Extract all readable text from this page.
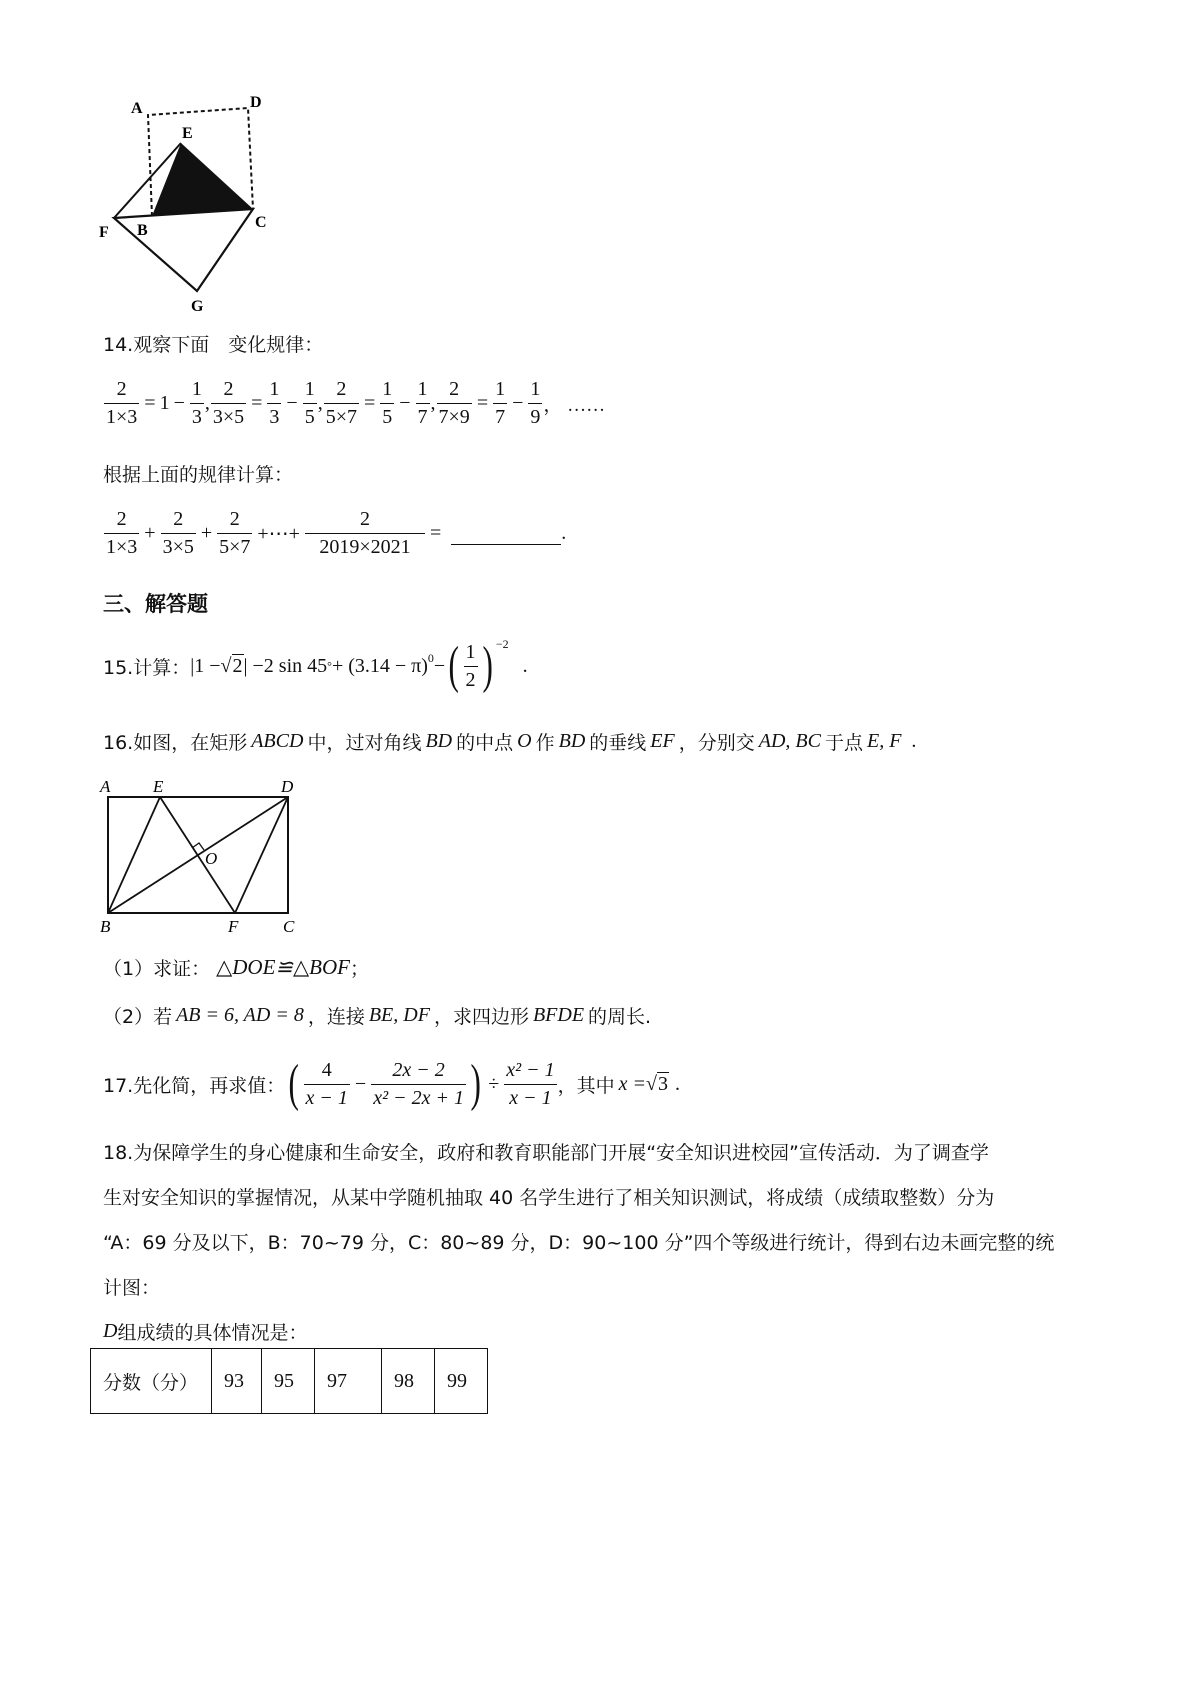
A	D
E
F B	C
G
14.观察下面　变化规律：
$\frac{2}{1\times 3} = 1 - \frac{1}{3}$ , $\frac{2}{3\times 5} = \frac{1}{3} - \frac{1}{5}$ , $\frac{2}{5\times 7} = \frac{1}{5} - \frac{1}{7}$ , $\frac{2}{7\times 9} = \frac{1}{7} - \frac{1}{9}$ ， ……
根据上面的规律计算：
$\frac{2}{1\times 3} + \frac{2}{3\times 5} + \frac{2}{5\times 7}$ +⋯+ $\frac{2}{2019\times 2021}$ =	.
三、解答题
15.计算： |1 − √2 | −2 sin 45 ° + $(3.14 - \pi)^0$ − ( $\frac{1}{2}$ ) $^{-2}$
.
16.如图，在矩形 ABCD 中，过对角线 BD 的中点 O 作 BD 的垂线 EF ，分别交 AD, BC 于点 E, F .
A	E	D
O
B	F	C
（1）求证： △DOE≌△BOF ；
（2）若 AB = 6, AD = 8 ，连接 BE, DF ，求四边形 BFDE 的周长.
17.先化简，再求值： ( $\frac{4}{x - 1} - \frac{2x - 2}{\text{x² − 2x + 1}}$ ) ÷ $\frac{\text{x² − 1}}{x - 1}$ ，其中 x = √3 .
18.为保障学生的身心健康和生命安全，政府和教育职能部门开展“安全知识进校园”宣传活动．为了调查学
生对安全知识的掌握情况，从某中学随机抽取 40 名学生进行了相关知识测试，将成绩（成绩取整数）分为
“A：69 分及以下，B：70~79 分，C：80~89 分，D：90~100 分”四个等级进行统计，得到右边未画完整的统
计图：
D 组成绩的具体情况是：
分数（分）	93	95	97	98	99
